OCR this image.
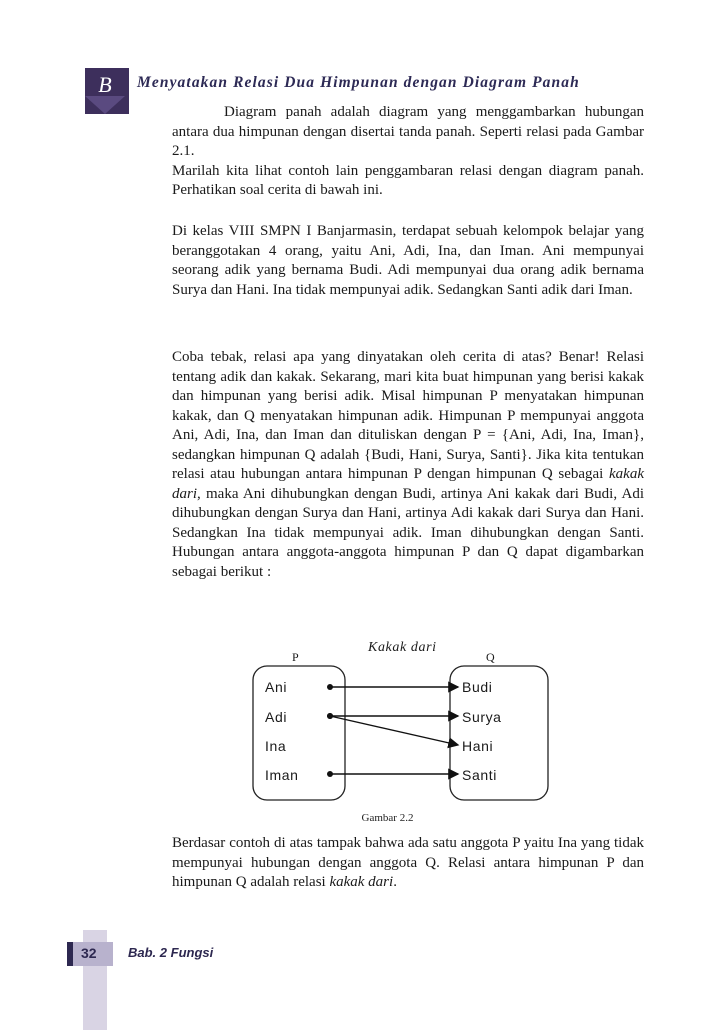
B	Menyatakan Relasi Dua Himpunan dengan Diagram Panah

Diagram panah adalah diagram yang menggambarkan hubungan antara dua himpunan dengan disertai tanda panah. Seperti relasi pada Gambar 2.1.

Marilah kita lihat contoh lain penggambaran relasi dengan diagram panah. Perhatikan soal cerita di bawah ini.

Di kelas VIII SMPN I Banjarmasin, terdapat sebuah kelompok belajar yang beranggotakan 4 orang, yaitu Ani, Adi, Ina, dan Iman. Ani mempunyai seorang adik yang bernama Budi. Adi mempunyai dua orang adik bernama Surya dan Hani. Ina tidak mempunyai adik. Sedangkan Santi adik dari Iman.
Coba tebak, relasi apa yang dinyatakan oleh cerita di atas? Benar! Relasi tentang adik dan kakak. Sekarang, mari kita buat himpunan yang berisi kakak dan himpunan yang berisi adik. Misal himpunan P menyatakan himpunan kakak, dan Q menyatakan himpunan adik. Himpunan P mempunyai anggota Ani, Adi, Ina, dan Iman dan dituliskan dengan P = {Ani, Adi, Ina, Iman}, sedangkan himpunan Q adalah {Budi, Hani, Surya, Santi}. Jika kita tentukan relasi atau hubungan antara himpunan P dengan himpunan Q sebagai kakak dari, maka Ani dihubungkan dengan Budi, artinya Ani kakak dari Budi, Adi dihubungkan dengan Surya dan Hani, artinya Adi kakak dari Surya dan Hani. Sedangkan Ina tidak mempunyai adik. Iman dihubungkan dengan Santi. Hubungan antara anggota-anggota himpunan P dan Q dapat digambarkan sebagai berikut :
P	Q
Kakak dari
Ani
Adi
Ina
Iman
Budi
Surya
Hani
Santi
Gambar 2.2
Berdasar contoh di atas tampak bahwa ada satu anggota P yaitu Ina yang tidak mempunyai hubungan dengan anggota Q. Relasi antara himpunan P dan himpunan Q adalah relasi kakak dari.
32 Bab. 2 Fungsi
